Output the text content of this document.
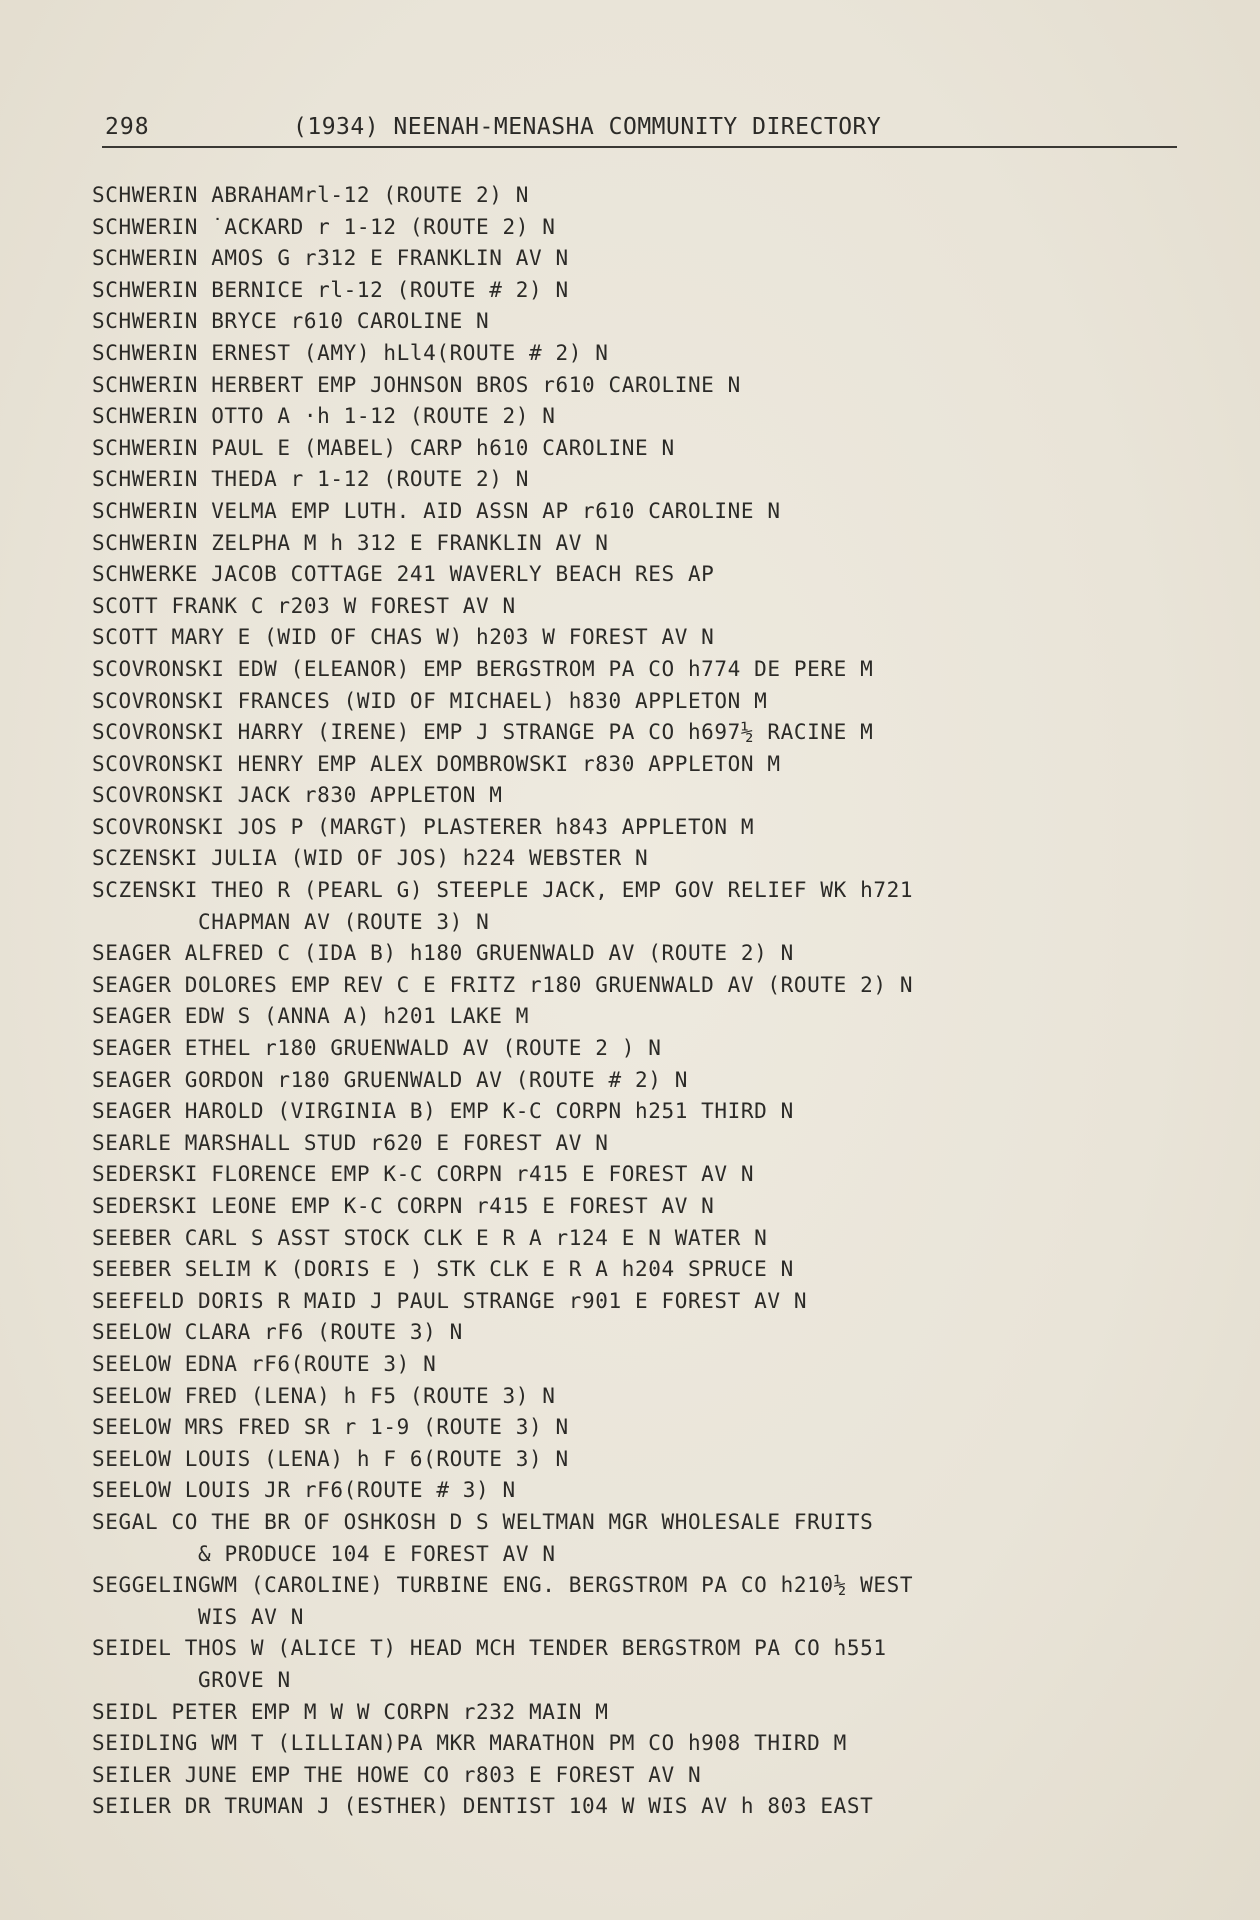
298	(1934) NEENAH-MENASHA COMMUNITY DIRECTORY
SCHWERIN ABRAHAMrl-12 (ROUTE 2) N
SCHWERIN ˙ACKARD r 1-12 (ROUTE 2) N
SCHWERIN AMOS G r312 E FRANKLIN AV N
SCHWERIN BERNICE rl-12 (ROUTE # 2) N
SCHWERIN BRYCE r610 CAROLINE N
SCHWERIN ERNEST (AMY) hLl4(ROUTE # 2) N
SCHWERIN HERBERT EMP JOHNSON BROS r610 CAROLINE N
SCHWERIN OTTO A ·h 1-12 (ROUTE 2) N
SCHWERIN PAUL E (MABEL) CARP h610 CAROLINE N
SCHWERIN THEDA r 1-12 (ROUTE 2) N
SCHWERIN VELMA EMP LUTH. AID ASSN AP r610 CAROLINE N
SCHWERIN ZELPHA M h 312 E FRANKLIN AV N
SCHWERKE JACOB COTTAGE 241 WAVERLY BEACH RES AP
SCOTT FRANK C r203 W FOREST AV N
SCOTT MARY E (WID OF CHAS W) h203 W FOREST AV N
SCOVRONSKI EDW (ELEANOR) EMP BERGSTROM PA CO h774 DE PERE M
SCOVRONSKI FRANCES (WID OF MICHAEL) h830 APPLETON M
SCOVRONSKI HARRY (IRENE) EMP J STRANGE PA CO h697½ RACINE M
SCOVRONSKI HENRY EMP ALEX DOMBROWSKI r830 APPLETON M
SCOVRONSKI JACK r830 APPLETON M
SCOVRONSKI JOS P (MARGT) PLASTERER h843 APPLETON M
SCZENSKI JULIA (WID OF JOS) h224 WEBSTER N
SCZENSKI THEO R (PEARL G) STEEPLE JACK, EMP GOV RELIEF WK h721
CHAPMAN AV (ROUTE 3) N
SEAGER ALFRED C (IDA B) h180 GRUENWALD AV (ROUTE 2) N
SEAGER DOLORES EMP REV C E FRITZ r180 GRUENWALD AV (ROUTE 2) N
SEAGER EDW S (ANNA A) h201 LAKE M
SEAGER ETHEL r180 GRUENWALD AV (ROUTE 2 ) N
SEAGER GORDON r180 GRUENWALD AV (ROUTE # 2) N
SEAGER HAROLD (VIRGINIA B) EMP K-C CORPN h251 THIRD N
SEARLE MARSHALL STUD r620 E FOREST AV N
SEDERSKI FLORENCE EMP K-C CORPN r415 E FOREST AV N
SEDERSKI LEONE EMP K-C CORPN r415 E FOREST AV N
SEEBER CARL S ASST STOCK CLK E R A r124 E N WATER N
SEEBER SELIM K (DORIS E ) STK CLK E R A h204 SPRUCE N
SEEFELD DORIS R MAID J PAUL STRANGE r901 E FOREST AV N
SEELOW CLARA rF6 (ROUTE 3) N
SEELOW EDNA rF6(ROUTE 3) N
SEELOW FRED (LENA) h F5 (ROUTE 3) N
SEELOW MRS FRED SR r 1-9 (ROUTE 3) N
SEELOW LOUIS (LENA) h F 6(ROUTE 3) N
SEELOW LOUIS JR rF6(ROUTE # 3) N
SEGAL CO THE BR OF OSHKOSH D S WELTMAN MGR WHOLESALE FRUITS
& PRODUCE 104 E FOREST AV N
SEGGELINGWM (CAROLINE) TURBINE ENG. BERGSTROM PA CO h210½ WEST
WIS AV N
SEIDEL THOS W (ALICE T) HEAD MCH TENDER BERGSTROM PA CO h551
GROVE N
SEIDL PETER EMP M W W CORPN r232 MAIN M
SEIDLING WM T (LILLIAN)PA MKR MARATHON PM CO h908 THIRD M
SEILER JUNE EMP THE HOWE CO r803 E FOREST AV N
SEILER DR TRUMAN J (ESTHER) DENTIST 104 W WIS AV h 803 EAST
